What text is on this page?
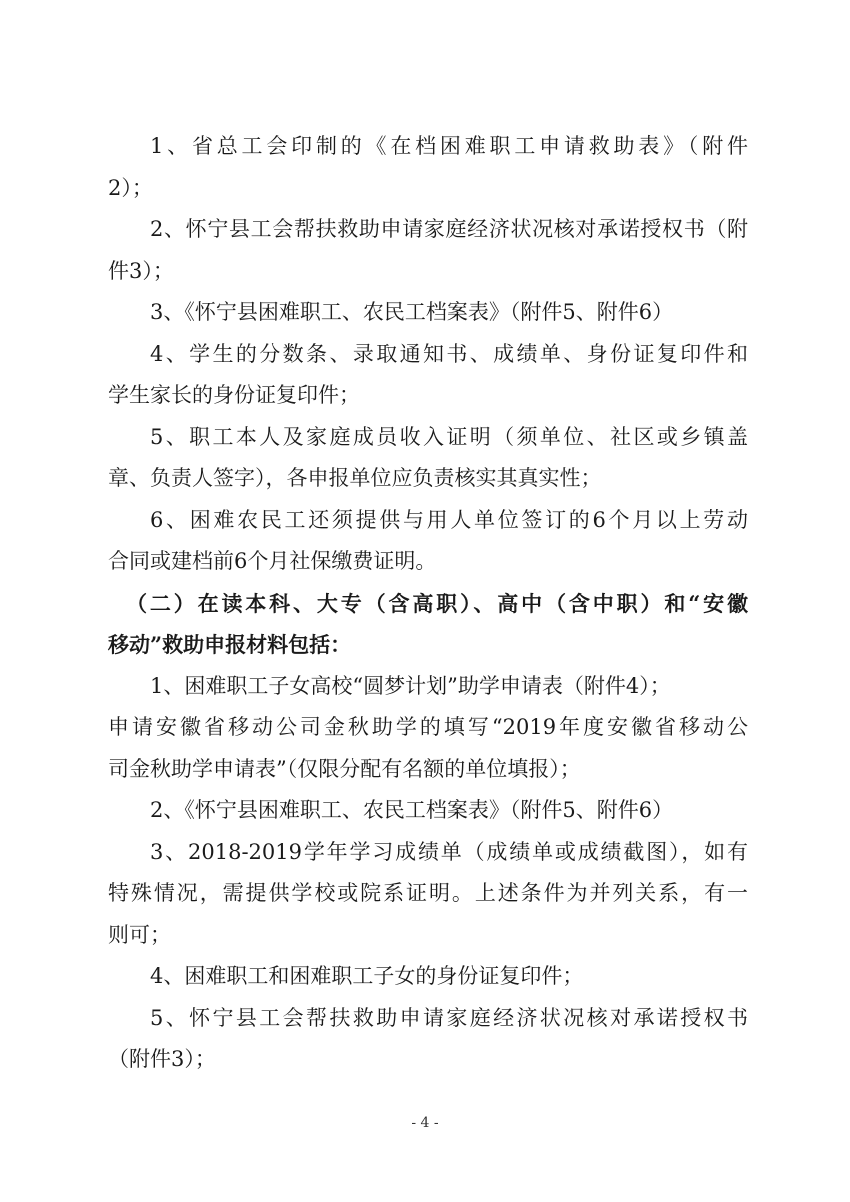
1、省总工会印制的《在档困难职工申请救助表》（附件
2）；
2、怀宁县工会帮扶救助申请家庭经济状况核对承诺授权书（附
件3）；
3、《怀宁县困难职工、农民工档案表》（附件5、附件6）
4、学生的分数条、录取通知书、成绩单、身份证复印件和
学生家长的身份证复印件；
5、职工本人及家庭成员收入证明（须单位、社区或乡镇盖
章、负责人签字），各申报单位应负责核实其真实性；
6、困难农民工还须提供与用人单位签订的6个月以上劳动
合同或建档前6个月社保缴费证明。
（二）在读本科、大专（含高职）、高中（含中职）和“安徽
移动”救助申报材料包括：
1、困难职工子女高校“圆梦计划”助学申请表（附件4）；
申请安徽省移动公司金秋助学的填写“2019年度安徽省移动公
司金秋助学申请表”（仅限分配有名额的单位填报）；
2、《怀宁县困难职工、农民工档案表》（附件5、附件6）
3、2018-2019学年学习成绩单（成绩单或成绩截图），如有
特殊情况，需提供学校或院系证明。上述条件为并列关系，有一
则可；
4、困难职工和困难职工子女的身份证复印件；
5、怀宁县工会帮扶救助申请家庭经济状况核对承诺授权书
（附件3）；
- 4 -
